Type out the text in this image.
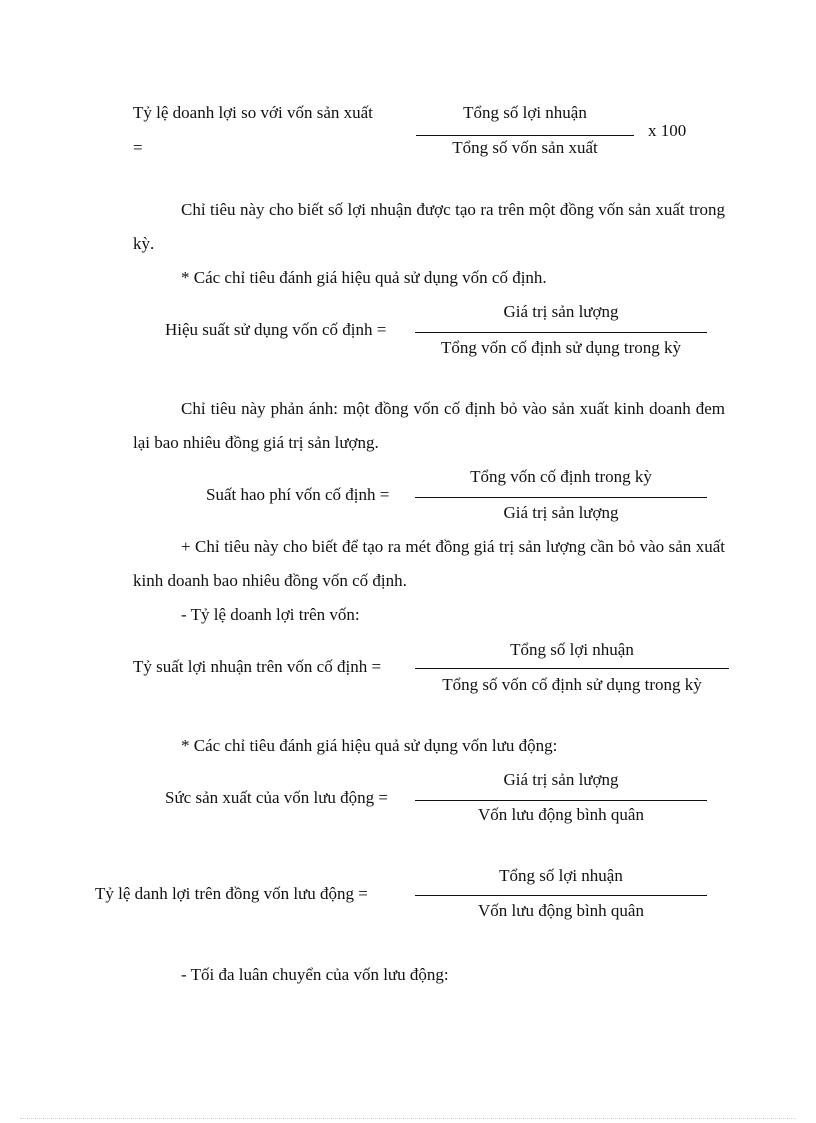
Tỷ lệ doanh lợi so với vốn sản xuất
=
Tổng số lợi nhuận
Tổng số vốn sản xuất
x 100
Chỉ tiêu này cho biết số lợi nhuận được tạo ra trên một đồng vốn sản xuất trong kỳ.
* Các chỉ tiêu đánh giá hiệu quả sử dụng vốn cố định.
Hiệu suất sử dụng vốn cố định =
Giá trị sản lượng
Tổng vốn cố định sử dụng trong kỳ
Chỉ tiêu này phản ánh: một đồng vốn cố định bỏ vào sản xuất kinh doanh đem lại bao nhiêu đồng giá trị sản lượng.
Suất hao phí vốn cố định =
Tổng vốn cố định trong kỳ
Giá trị sản lượng
+ Chỉ tiêu này cho biết để tạo ra mét đồng giá trị sản lượng cần bỏ vào sản xuất kinh doanh bao nhiêu đồng vốn cố định.
- Tỷ lệ doanh lợi trên vốn:
Tỷ suất lợi nhuận trên vốn cố định =
Tổng số lợi nhuận
Tổng số vốn cố định sử dụng trong kỳ
* Các chỉ tiêu đánh giá hiệu quả sử dụng vốn lưu động:
Sức sản xuất của vốn lưu động =
Giá trị sản lượng
Vốn lưu động bình quân
Tỷ lệ danh lợi trên đồng vốn lưu động =
Tổng số lợi nhuận
Vốn lưu động bình quân
- Tối đa luân chuyển của vốn lưu động:
